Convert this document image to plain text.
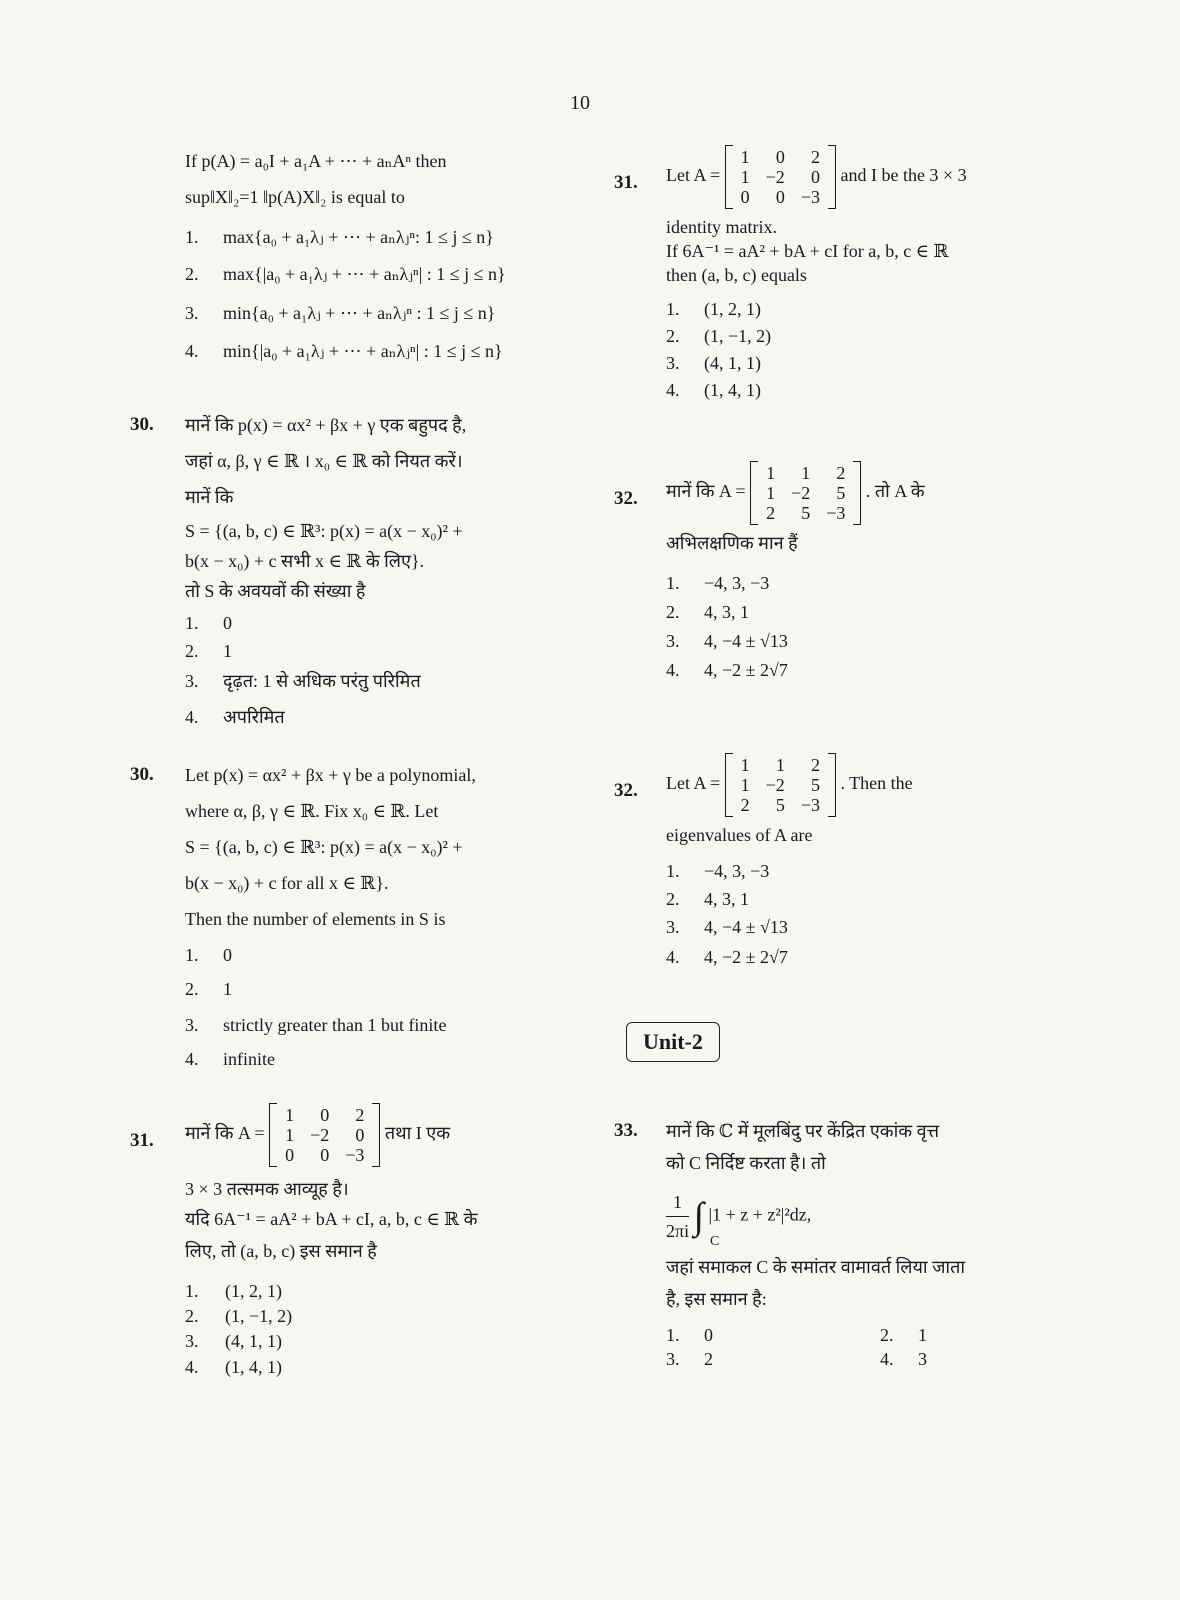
10
If p(A) = a₀I + a₁A + ⋯ + aₙAⁿ then
sup‖X‖₂=1 ‖p(A)X‖₂ is equal to
1. max{a₀ + a₁λⱼ + ⋯ + aₙλⱼⁿ: 1 ≤ j ≤ n}
2. max{|a₀ + a₁λⱼ + ⋯ + aₙλⱼⁿ| : 1 ≤ j ≤ n}
3. min{a₀ + a₁λⱼ + ⋯ + aₙλⱼⁿ : 1 ≤ j ≤ n}
4. min{|a₀ + a₁λⱼ + ⋯ + aₙλⱼⁿ| : 1 ≤ j ≤ n}
30. मानें कि p(x) = αx² + βx + γ एक बहुपद है,
जहां α, β, γ ∈ ℝ । x₀ ∈ ℝ को नियत करें।
मानें कि
S = {(a, b, c) ∈ ℝ³: p(x) = a(x − x₀)² +
b(x − x₀) + c सभी x ∈ ℝ के लिए}.
तो S के अवयवों की संख्या है
1. 0
2. 1
3. दृढ़त: 1 से अधिक परंतु परिमित
4. अपरिमित
30. Let p(x) = αx² + βx + γ be a polynomial,
where α, β, γ ∈ ℝ. Fix x₀ ∈ ℝ. Let
S = {(a, b, c) ∈ ℝ³: p(x) = a(x − x₀)² +
b(x − x₀) + c for all x ∈ ℝ}.
Then the number of elements in S is
1. 0
2. 1
3. strictly greater than 1 but finite
4. infinite
31. मानें कि A =
1	0	2
1	−2	0
0	0	−3
तथा I एक
3 × 3 तत्समक आव्यूह है।
यदि 6A⁻¹ = aA² + bA + cI, a, b, c ∈ ℝ के
लिए, तो (a, b, c) इस समान है
1. (1, 2, 1)
2. (1, −1, 2)
3. (4, 1, 1)
4. (1, 4, 1)
31. Let A =
1	0	2
1	−2	0
0	0	−3
and I be the 3 × 3
identity matrix.
If 6A⁻¹ = aA² + bA + cI for a, b, c ∈ ℝ
then (a, b, c) equals
1. (1, 2, 1)
2. (1, −1, 2)
3. (4, 1, 1)
4. (1, 4, 1)
32. मानें कि A =
1	1	2
1	−2	5
2	5	−3
. तो A के
अभिलक्षणिक मान हैं
1. −4, 3, −3
2. 4, 3, 1
3. 4, −4 ± √13
4. 4, −2 ± 2√7
32. Let A =
1	1	2
1	−2	5
2	5	−3
. Then the
eigenvalues of A are
1. −4, 3, −3
2. 4, 3, 1
3. 4, −4 ± √13
4. 4, −2 ± 2√7
Unit-2
33. मानें कि ℂ में मूलबिंदु पर केंद्रित एकांक वृत्त
को C निर्दिष्ट करता है। तो
$\frac{1}{2\pi i}$ ∫ |1 + z + z²|²dz,
C
जहां समाकल C के समांतर वामावर्त लिया जाता
है, इस समान है:
1. 0	2. 1
3. 2	4. 3
